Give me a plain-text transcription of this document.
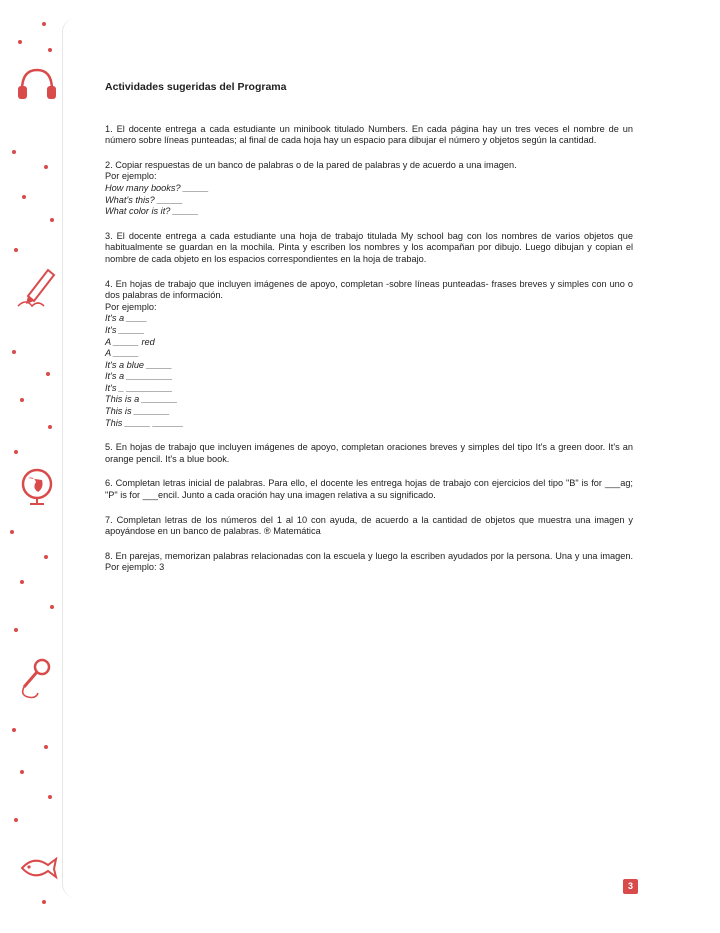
Actividades sugeridas del Programa

1. El docente entrega a cada estudiante un minibook titulado Numbers. En cada página hay un tres veces el nombre de un número sobre líneas punteadas; al final de cada hoja hay un espacio para dibujar el número y objetos según la cantidad.

2. Copiar respuestas de un banco de palabras o de la pared de palabras y de acuerdo a una imagen.

Por ejemplo:

How many books? _____

What's this? _____

What color is it? _____

3. El docente entrega a cada estudiante una hoja de trabajo titulada My school bag con los nombres de varios objetos que habitualmente se guardan en la mochila. Pinta y escriben los nombres y los acompañan por dibujo. Luego dibujan y copian el nombre de cada objeto en los espacios correspondientes en la hoja de trabajo.

4. En hojas de trabajo que incluyen imágenes de apoyo, completan -sobre líneas punteadas- frases breves y simples con uno o dos palabras de información.

Por ejemplo:

It's a ____

It's _____

A _____ red

A _____

It's a blue _____

It's a _________

It's _ _________

This is a _______

This is _______

This _____ ______

5. En hojas de trabajo que incluyen imágenes de apoyo, completan oraciones breves y simples del tipo It's a green door. It's an orange pencil. It's a blue book.

6. Completan letras inicial de palabras. Para ello, el docente les entrega hojas de trabajo con ejercicios del tipo "B" is for ___ag; "P" is for ___encil. Junto a cada oración hay una imagen relativa a su significado.

7. Completan letras de los números del 1 al 10 con ayuda, de acuerdo a la cantidad de objetos que muestra una imagen y apoyándose en un banco de palabras. ® Matemática

8. En parejas, memorizan palabras relacionadas con la escuela y luego la escriben ayudados por la persona. Una y una imagen. Por ejemplo: 3

3
